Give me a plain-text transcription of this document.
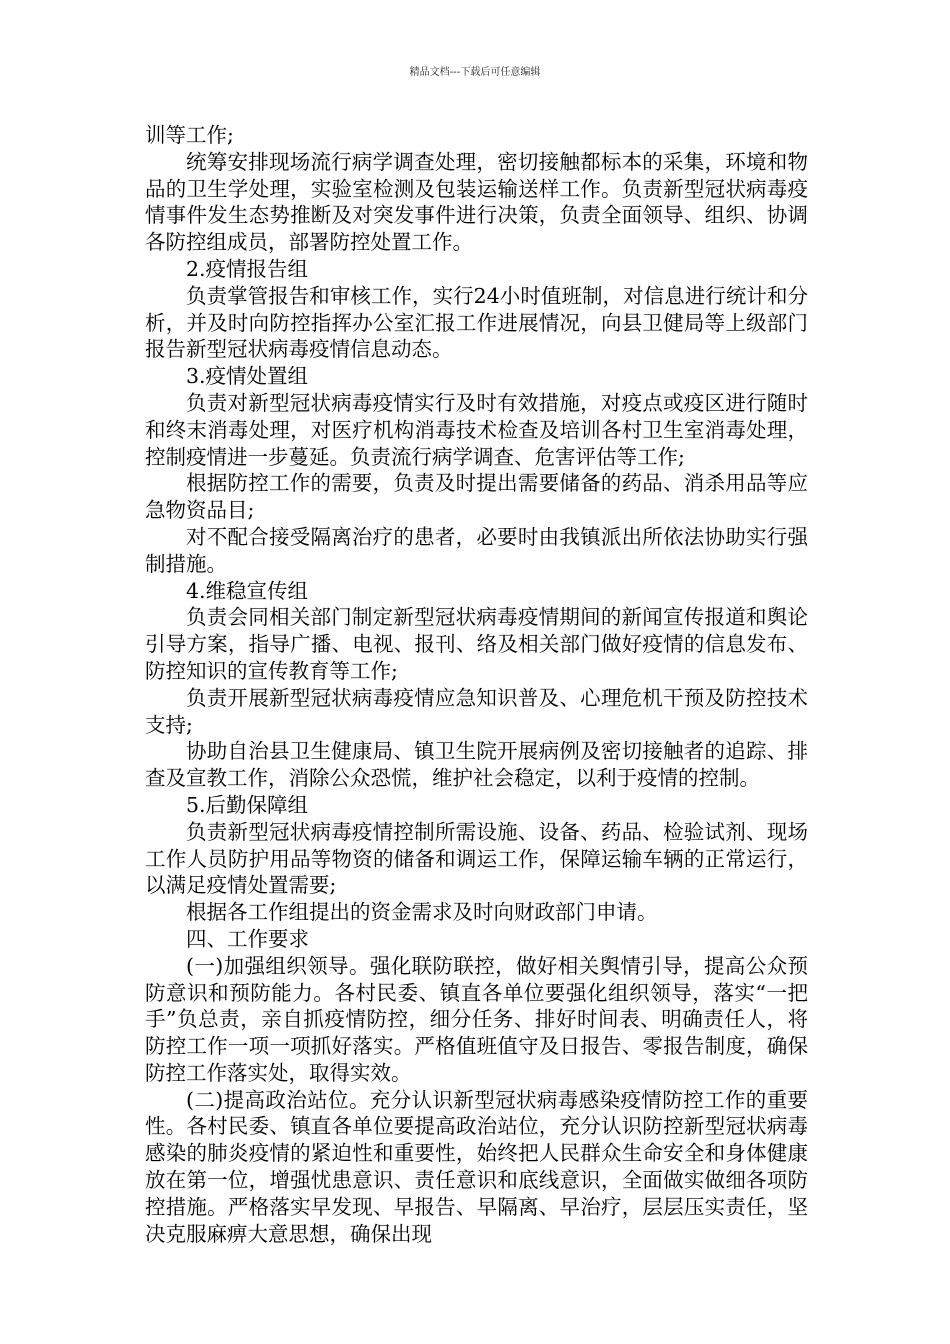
精品文档---下载后可任意编辑

训等工作;

统筹安排现场流行病学调查处理，密切接触都标本的采集，环境和物品的卫生学处理，实验室检测及包装运输送样工作。负责新型冠状病毒疫情事件发生态势推断及对突发事件进行决策，负责全面领导、组织、协调各防控组成员，部署防控处置工作。

2.疫情报告组

负责掌管报告和审核工作，实行24小时值班制，对信息进行统计和分析，并及时向防控指挥办公室汇报工作进展情况，向县卫健局等上级部门报告新型冠状病毒疫情信息动态。

3.疫情处置组

负责对新型冠状病毒疫情实行及时有效措施，对疫点或疫区进行随时和终末消毒处理，对医疗机构消毒技术检查及培训各村卫生室消毒处理，控制疫情进一步蔓延。负责流行病学调查、危害评估等工作;

根据防控工作的需要，负责及时提出需要储备的药品、消杀用品等应急物资品目;

对不配合接受隔离治疗的患者，必要时由我镇派出所依法协助实行强制措施。

4.维稳宣传组

负责会同相关部门制定新型冠状病毒疫情期间的新闻宣传报道和舆论引导方案，指导广播、电视、报刊、络及相关部门做好疫情的信息发布、防控知识的宣传教育等工作;

负责开展新型冠状病毒疫情应急知识普及、心理危机干预及防控技术支持;

协助自治县卫生健康局、镇卫生院开展病例及密切接触者的追踪、排查及宣教工作，消除公众恐慌，维护社会稳定，以利于疫情的控制。

5.后勤保障组

负责新型冠状病毒疫情控制所需设施、设备、药品、检验试剂、现场工作人员防护用品等物资的储备和调运工作，保障运输车辆的正常运行，以满足疫情处置需要;

根据各工作组提出的资金需求及时向财政部门申请。

四、工作要求

(一)加强组织领导。强化联防联控，做好相关舆情引导，提高公众预防意识和预防能力。各村民委、镇直各单位要强化组织领导，落实“一把手”负总责，亲自抓疫情防控，细分任务、排好时间表、明确责任人，将防控工作一项一项抓好落实。严格值班值守及日报告、零报告制度，确保防控工作落实处，取得实效。

(二)提高政治站位。充分认识新型冠状病毒感染疫情防控工作的重要性。各村民委、镇直各单位要提高政治站位，充分认识防控新型冠状病毒感染的肺炎疫情的紧迫性和重要性，始终把人民群众生命安全和身体健康放在第一位，增强忧患意识、责任意识和底线意识，全面做实做细各项防控措施。严格落实早发现、早报告、早隔离、早治疗，层层压实责任，坚决克服麻痹大意思想，确保出现
